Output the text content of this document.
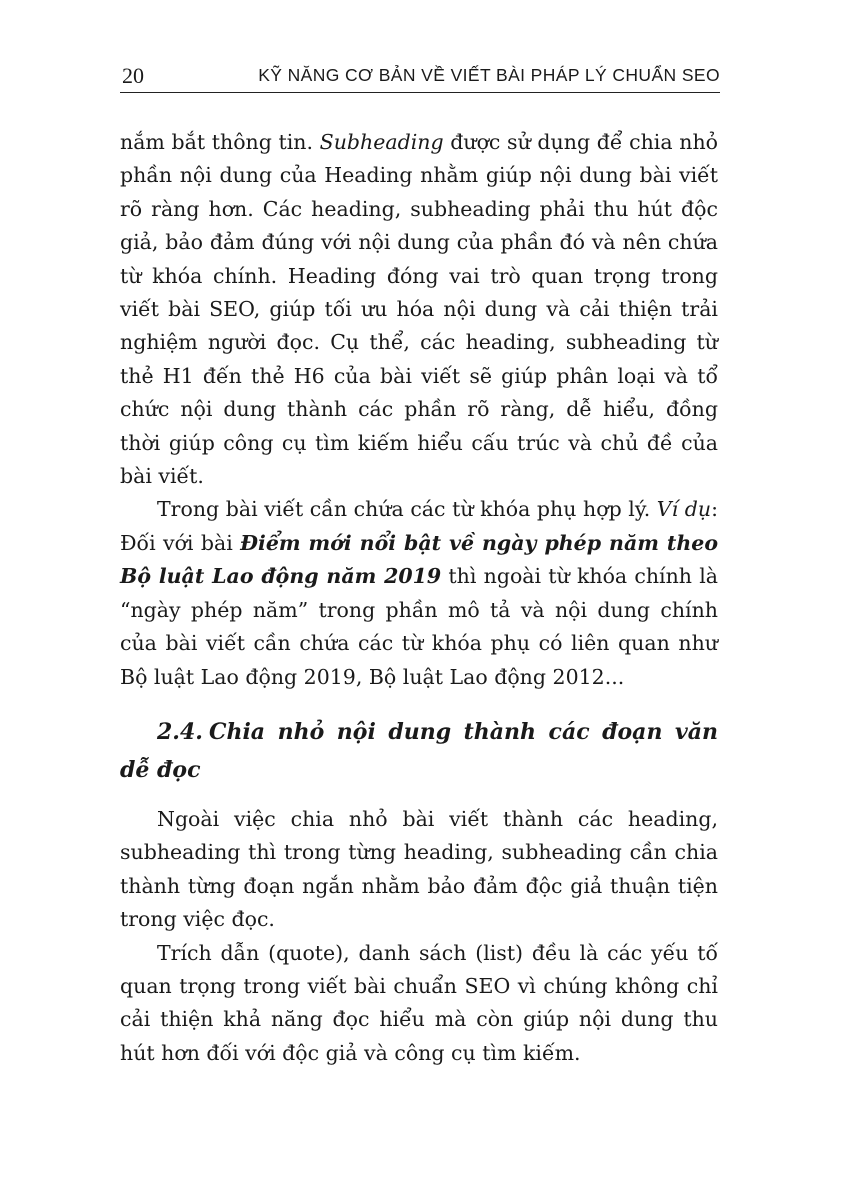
20	KỸ NĂNG CƠ BẢN VỀ VIẾT BÀI PHÁP LÝ CHUẨN SEO

nắm bắt thông tin. Subheading được sử dụng để chia nhỏ phần nội dung của Heading nhằm giúp nội dung bài viết rõ ràng hơn. Các heading, subheading phải thu hút độc giả, bảo đảm đúng với nội dung của phần đó và nên chứa từ khóa chính. Heading đóng vai trò quan trọng trong viết bài SEO, giúp tối ưu hóa nội dung và cải thiện trải nghiệm người đọc. Cụ thể, các heading, subheading từ thẻ H1 đến thẻ H6 của bài viết sẽ giúp phân loại và tổ chức nội dung thành các phần rõ ràng, dễ hiểu, đồng thời giúp công cụ tìm kiếm hiểu cấu trúc và chủ đề của bài viết.

Trong bài viết cần chứa các từ khóa phụ hợp lý. Ví dụ: Đối với bài Điểm mới nổi bật về ngày phép năm theo Bộ luật Lao động năm 2019 thì ngoài từ khóa chính là “ngày phép năm” trong phần mô tả và nội dung chính của bài viết cần chứa các từ khóa phụ có liên quan như Bộ luật Lao động 2019, Bộ luật Lao động 2012...

2.4. Chia nhỏ nội dung thành các đoạn văn dễ đọc

Ngoài việc chia nhỏ bài viết thành các heading, subheading thì trong từng heading, subheading cần chia thành từng đoạn ngắn nhằm bảo đảm độc giả thuận tiện trong việc đọc.

Trích dẫn (quote), danh sách (list) đều là các yếu tố quan trọng trong viết bài chuẩn SEO vì chúng không chỉ cải thiện khả năng đọc hiểu mà còn giúp nội dung thu hút hơn đối với độc giả và công cụ tìm kiếm.
